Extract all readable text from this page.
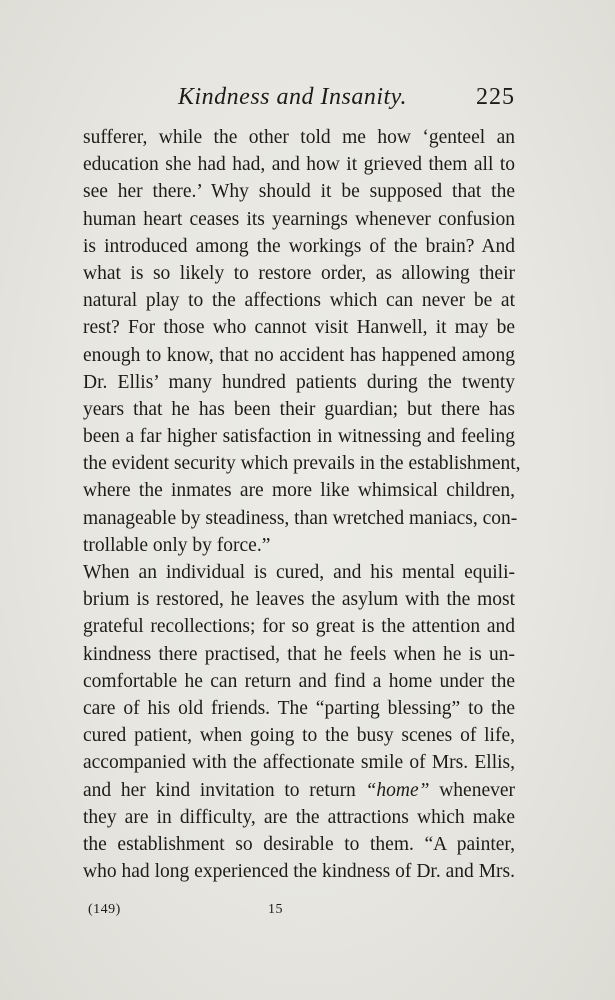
Kindness and Insanity.	225
sufferer, while the other told me how ‘genteel an
education she had had, and how it grieved them all to
see her there.’ Why should it be supposed that the
human heart ceases its yearnings whenever confusion
is introduced among the workings of the brain? And
what is so likely to restore order, as allowing their
natural play to the affections which can never be at
rest? For those who cannot visit Hanwell, it may be
enough to know, that no accident has happened among
Dr. Ellis’ many hundred patients during the twenty
years that he has been their guardian; but there has
been a far higher satisfaction in witnessing and feeling
the evident security which prevails in the establishment,
where the inmates are more like whimsical children,
manageable by steadiness, than wretched maniacs, con-
trollable only by force.”
When an individual is cured, and his mental equili-
brium is restored, he leaves the asylum with the most
grateful recollections; for so great is the attention and
kindness there practised, that he feels when he is un-
comfortable he can return and find a home under the
care of his old friends. The “parting blessing” to the
cured patient, when going to the busy scenes of life,
accompanied with the affectionate smile of Mrs. Ellis,
and her kind invitation to return “home” whenever
they are in difficulty, are the attractions which make
the establishment so desirable to them. “A painter,
who had long experienced the kindness of Dr. and Mrs.
(149)	15
